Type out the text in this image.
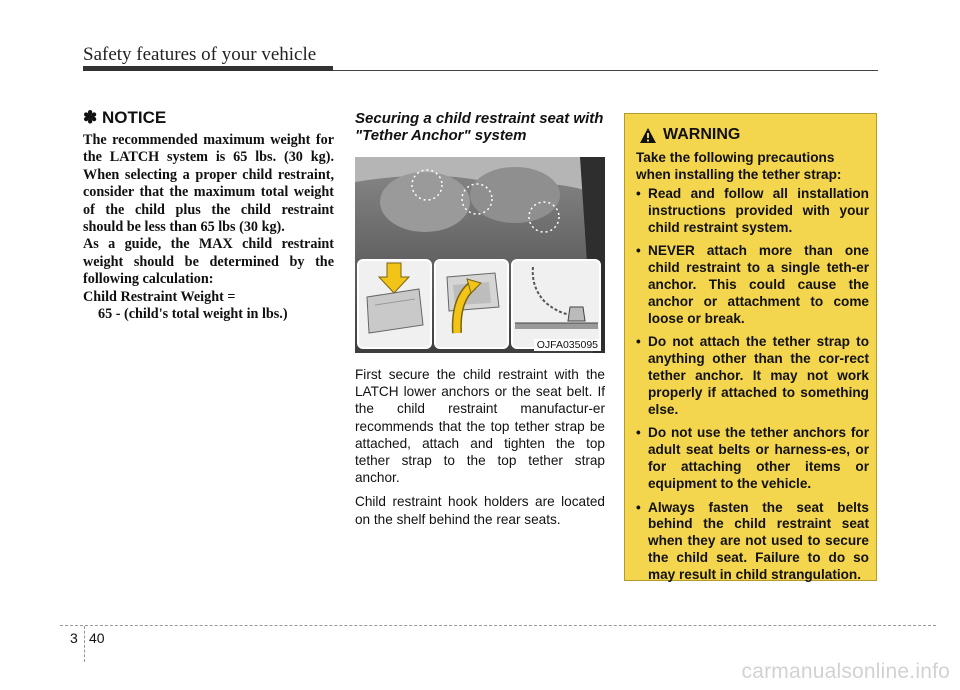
Safety features of your vehicle
✽ NOTICE

The recommended maximum weight for the LATCH system is 65 lbs. (30 kg). When selecting a proper child restraint, consider that the maximum total weight of the child plus the child restraint should be less than 65 lbs (30 kg).

As a guide, the MAX child restraint weight should be determined by the following calculation:

Child Restraint Weight =

65 - (child's total weight in lbs.)

Securing a child restraint seat with "Tether Anchor" system
OJFA035095

First secure the child restraint with the LATCH lower anchors or the seat belt. If the child restraint manufactur-er recommends that the top tether strap be attached, attach and tighten the top tether strap to the top tether strap anchor.

Child restraint hook holders are located on the shelf behind the rear seats.

WARNING

Take the following precautions when installing the tether strap:

• Read and follow all installation instructions provided with your child restraint system.
• NEVER attach more than one child restraint to a single teth-er anchor. This could cause the anchor or attachment to come loose or break.
• Do not attach the tether strap to anything other than the cor-rect tether anchor. It may not work properly if attached to something else.
• Do not use the tether anchors for adult seat belts or harness-es, or for attaching other items or equipment to the vehicle.
• Always fasten the seat belts behind the child restraint seat when they are not used to secure the child seat. Failure to do so may result in child strangulation.
3 40
carmanualsonline.info
